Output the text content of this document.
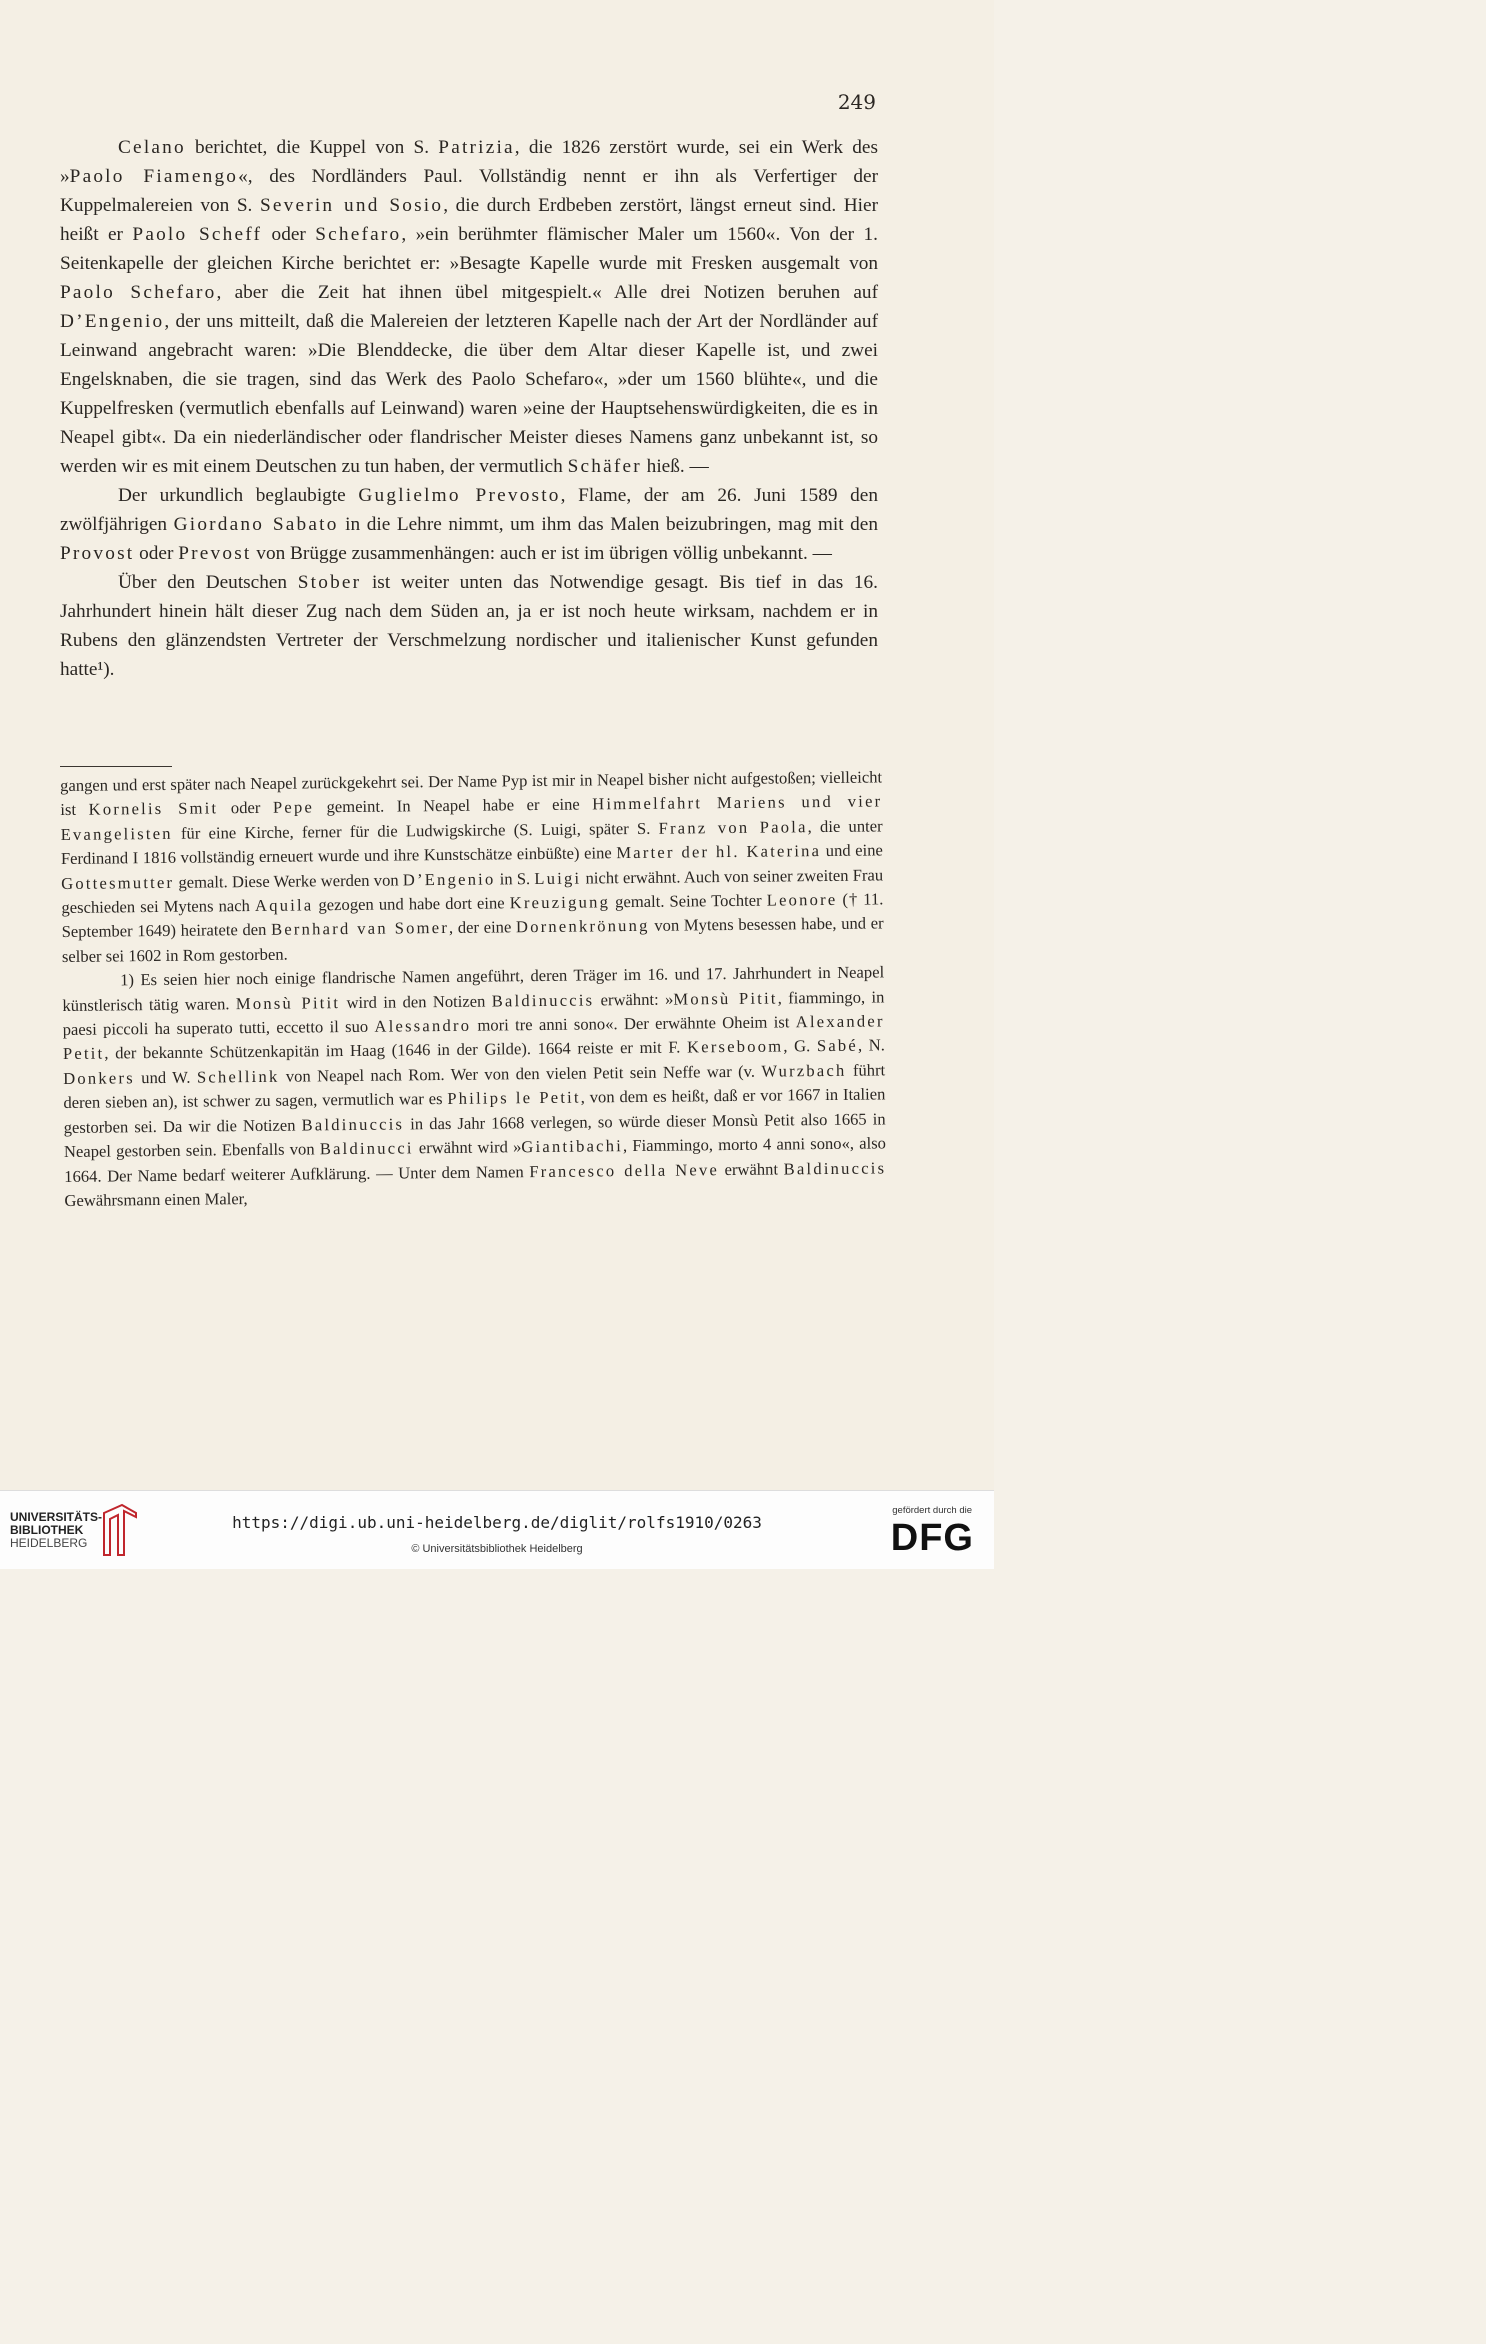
249

Celano berichtet, die Kuppel von S. Patrizia, die 1826 zerstört wurde, sei ein Werk des »Paolo Fiamengo«, des Nordländers Paul. Vollständig nennt er ihn als Verfertiger der Kuppelmalereien von S. Severin und Sosio, die durch Erdbeben zerstört, längst erneut sind. Hier heißt er Paolo Scheff oder Schefaro, »ein berühmter flämischer Maler um 1560«. Von der 1. Seitenkapelle der gleichen Kirche berichtet er: »Besagte Kapelle wurde mit Fresken ausgemalt von Paolo Schefaro, aber die Zeit hat ihnen übel mitgespielt.« Alle drei Notizen beruhen auf D’Engenio, der uns mitteilt, daß die Malereien der letzteren Kapelle nach der Art der Nordländer auf Leinwand angebracht waren: »Die Blenddecke, die über dem Altar dieser Kapelle ist, und zwei Engelsknaben, die sie tragen, sind das Werk des Paolo Schefaro«, »der um 1560 blühte«, und die Kuppelfresken (vermutlich ebenfalls auf Leinwand) waren »eine der Hauptsehenswürdigkeiten, die es in Neapel gibt«. Da ein niederländischer oder flandrischer Meister dieses Namens ganz unbekannt ist, so werden wir es mit einem Deutschen zu tun haben, der vermutlich Schäfer hieß. —

Der urkundlich beglaubigte Guglielmo Prevosto, Flame, der am 26. Juni 1589 den zwölfjährigen Giordano Sabato in die Lehre nimmt, um ihm das Malen beizubringen, mag mit den Provost oder Prevost von Brügge zusammenhängen: auch er ist im übrigen völlig unbekannt. —

Über den Deutschen Stober ist weiter unten das Notwendige gesagt. Bis tief in das 16. Jahrhundert hinein hält dieser Zug nach dem Süden an, ja er ist noch heute wirksam, nachdem er in Rubens den glänzendsten Vertreter der Verschmelzung nordischer und italienischer Kunst gefunden hatte¹).

gangen und erst später nach Neapel zurückgekehrt sei. Der Name Pyp ist mir in Neapel bisher nicht aufgestoßen; vielleicht ist Kornelis Smit oder Pepe gemeint. In Neapel habe er eine Himmelfahrt Mariens und vier Evangelisten für eine Kirche, ferner für die Ludwigskirche (S. Luigi, später S. Franz von Paola, die unter Ferdinand I 1816 vollständig erneuert wurde und ihre Kunstschätze einbüßte) eine Marter der hl. Katerina und eine Gottesmutter gemalt. Diese Werke werden von D’Engenio in S. Luigi nicht erwähnt. Auch von seiner zweiten Frau geschieden sei Mytens nach Aquila gezogen und habe dort eine Kreuzigung gemalt. Seine Tochter Leonore († 11. September 1649) heiratete den Bernhard van Somer, der eine Dornenkrönung von Mytens besessen habe, und er selber sei 1602 in Rom gestorben.

1) Es seien hier noch einige flandrische Namen angeführt, deren Träger im 16. und 17. Jahrhundert in Neapel künstlerisch tätig waren. Monsù Pitit wird in den Notizen Baldinuccis erwähnt: »Monsù Pitit, fiammingo, in paesi piccoli ha superato tutti, eccetto il suo Alessandro mori tre anni sono«. Der erwähnte Oheim ist Alexander Petit, der bekannte Schützenkapitän im Haag (1646 in der Gilde). 1664 reiste er mit F. Kerseboom, G. Sabé, N. Donkers und W. Schellink von Neapel nach Rom. Wer von den vielen Petit sein Neffe war (v. Wurzbach führt deren sieben an), ist schwer zu sagen, vermutlich war es Philips le Petit, von dem es heißt, daß er vor 1667 in Italien gestorben sei. Da wir die Notizen Baldinuccis in das Jahr 1668 verlegen, so würde dieser Monsù Petit also 1665 in Neapel gestorben sein. Ebenfalls von Baldinucci erwähnt wird »Giantibachi, Fiammingo, morto 4 anni sono«, also 1664. Der Name bedarf weiterer Aufklärung. — Unter dem Namen Francesco della Neve erwähnt Baldinuccis Gewährsmann einen Maler,

UNIVERSITÄTS-
BIBLIOTHEK
HEIDELBERG
https://digi.ub.uni-heidelberg.de/diglit/rolfs1910/0263
© Universitätsbibliothek Heidelberg
gefördert durch die
DFG
